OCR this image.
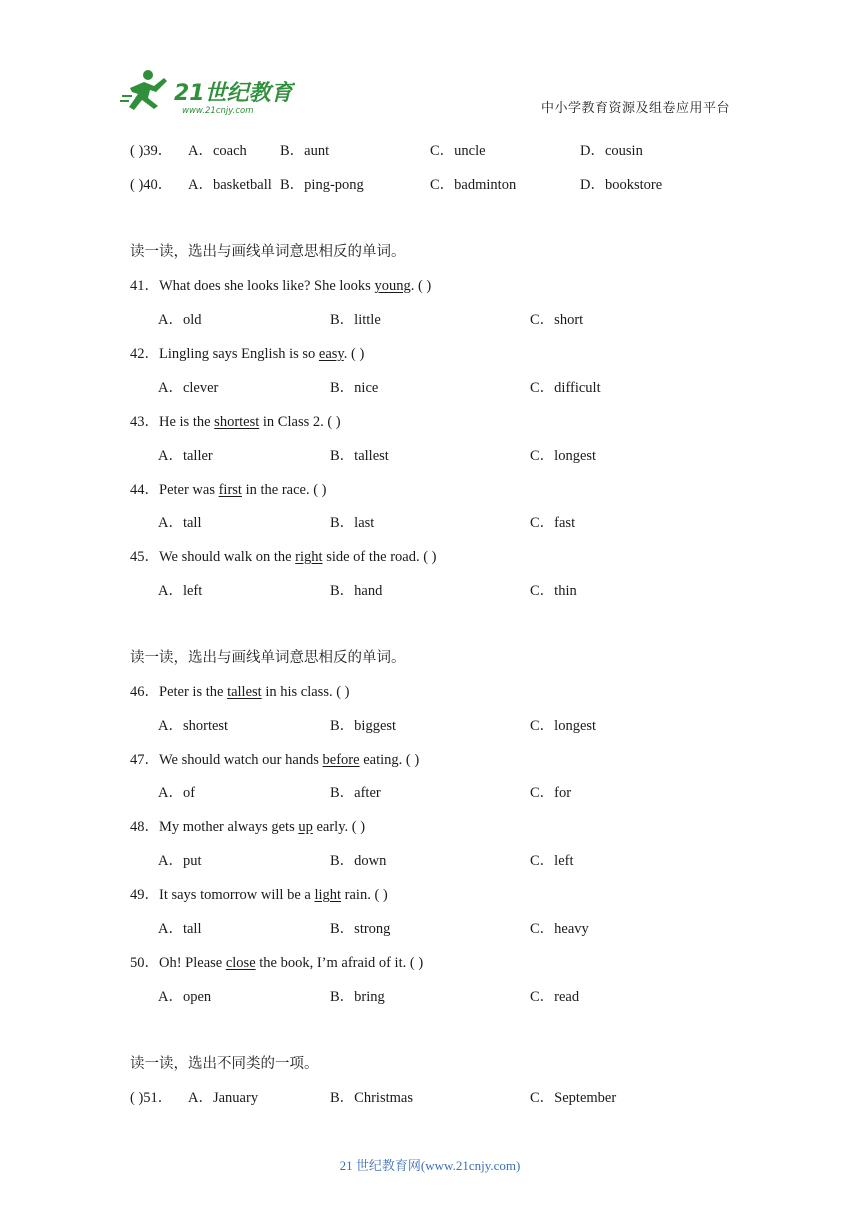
21世纪教育
www.21cnjy.com	中小学教育资源及组卷应用平台
( )39． A．coach B．aunt	C．uncle	D．cousin
( )40． A．basketball B．ping-pong	C．badminton	D．bookstore
读一读，选出与画线单词意思相反的单词。
41．What does she looks like? She looks young. ( )
A．old	B．little	C．short
42．Lingling says English is so easy. ( )
A．clever	B．nice	C．difficult
43．He is the shortest in Class 2. ( )
A．taller	B．tallest	C．longest
44．Peter was first in the race. ( )
A．tall	B．last	C．fast
45．We should walk on the right side of the road. ( )
A．left	B．hand	C．thin
读一读，选出与画线单词意思相反的单词。
46．Peter is the tallest in his class. ( )
A．shortest	B．biggest	C．longest
47．We should watch our hands before eating. ( )
A．of	B．after	C．for
48．My mother always gets up early. ( )
A．put	B．down	C．left
49．It says tomorrow will be a light rain. ( )
A．tall	B．strong	C．heavy
50．Oh! Please close the book, I’m afraid of it. ( )
A．open	B．bring	C．read
读一读，选出不同类的一项。
( )51． A．January	B．Christmas	C．September
21 世纪教育网(www.21cnjy.com)
